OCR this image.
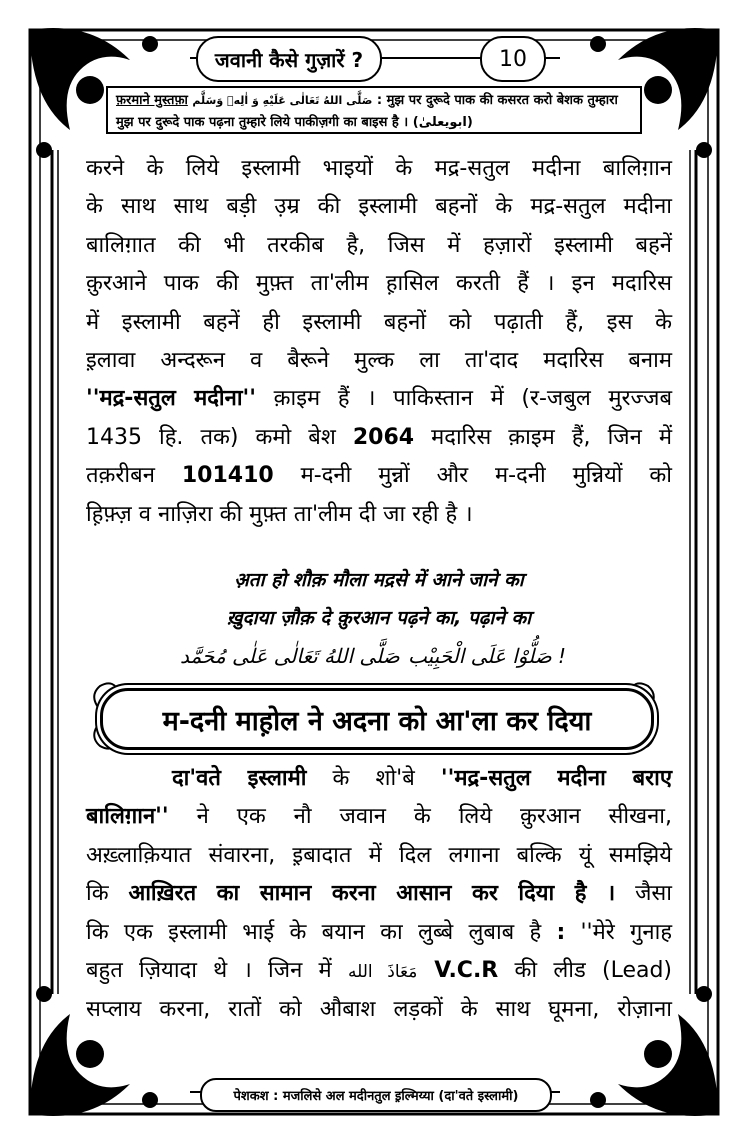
जवानी कैसे गुज़ारें ?	10
फ़रमाने मुस्तफ़ा صَلَّى اللهُ تَعَالٰى عَلَيْهِ وَ اٰلِهٖ وَسَلَّم : मुझ पर दुरूदे पाक की कसरत करो बेशक तुम्हारा
मुझ पर दुरूदे पाक पढ़ना तुम्हारे लिये पाकीज़गी का बाइस है । (ابویعلیٰ)
करने के लिये इस्लामी भाइयों के मद्र-सतुल मदीना बालिग़ान
के साथ साथ बड़ी उ़म्र की इस्लामी बहनों के मद्र-सतुल मदीना
बालिग़ात की भी तरकीब है, जिस में हज़ारों इस्लामी बहनें
क़ुरआने पाक की मुफ़्त ता'लीम ह़ासिल करती हैं । इन मदारिस
में इस्लामी बहनें ही इस्लामी बहनों को पढ़ाती हैं, इस के
इ़लावा अन्दरून व बैरूने मुल्क ला ता'दाद मदारिस बनाम
''मद्र-सतुल मदीना'' क़ाइम हैं । पाकिस्तान में (र-जबुल मुरज्जब
1435 हि. तक) कमो बेश 2064 मदारिस क़ाइम हैं, जिन में
तक़रीबन 101410 म-दनी मुन्नों और म-दनी मुन्नियों को
ह़िफ़्ज़ व नाज़िरा की मुफ़्त ता'लीम दी जा रही है ।
अ़ता हो शौक़ मौला मद्रसे में आने जाने का
ख़ुदाया ज़ौक़ दे क़ुरआन पढ़ने का, पढ़ाने का
صَلُّوْا عَلَى الْحَبِيْب !
صَلَّى اللهُ تَعَالٰى عَلٰى مُحَمَّد
म-दनी माह़ोल ने अदना को आ'ला कर दिया
दा'वते इस्लामी के शो'बे ''मद्र-सतुल मदीना बराए
बालिग़ान'' ने एक नौ जवान के लिये क़ुरआन सीखना,
अख़्लाक़ियात संवारना, इ़बादात में दिल लगाना बल्कि यूं समझिये
कि आख़िरत का सामान करना आसान कर दिया है । जैसा
कि एक इस्लामी भाई के बयान का लुब्बे लुबाब है : ''मेरे गुनाह
बहुत ज़ियादा थे । जिन में مَعَاذَ الله V.C.R की लीड (Lead)
सप्लाय करना, रातों को औबाश लड़कों के साथ घूमना, रोज़ाना
पेशकश : मजलिसे अल मदीनतुल इ़ल्मिय्या (दा'वते इस्लामी)
